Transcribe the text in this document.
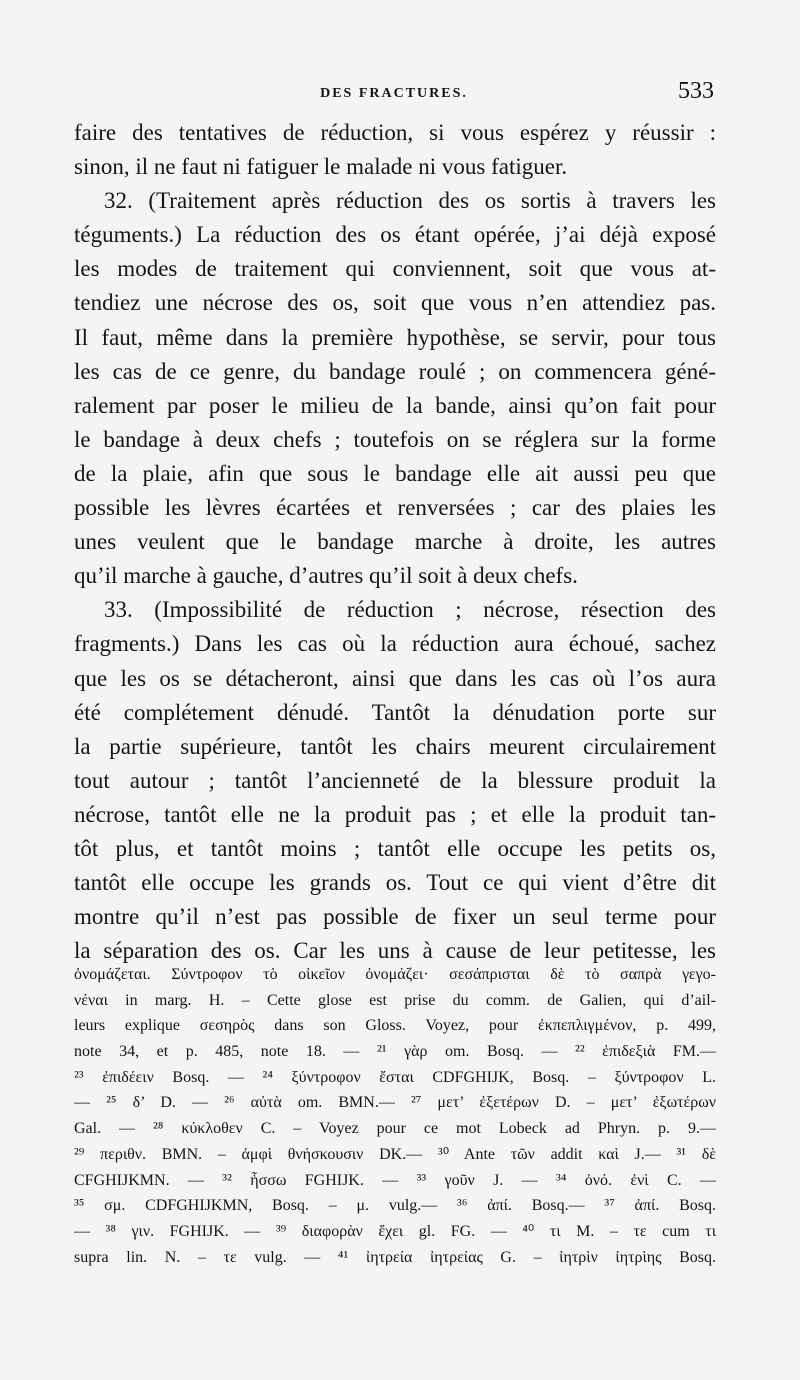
DES FRACTURES.	533
faire des tentatives de réduction, si vous espérez y réussir :
sinon, il ne faut ni fatiguer le malade ni vous fatiguer.
32. (Traitement après réduction des os sortis à travers les
téguments.) La réduction des os étant opérée, j’ai déjà exposé
les modes de traitement qui conviennent, soit que vous at-
tendiez une nécrose des os, soit que vous n’en attendiez pas.
Il faut, même dans la première hypothèse, se servir, pour tous
les cas de ce genre, du bandage roulé ; on commencera géné-
ralement par poser le milieu de la bande, ainsi qu’on fait pour
le bandage à deux chefs ; toutefois on se réglera sur la forme
de la plaie, afin que sous le bandage elle ait aussi peu que
possible les lèvres écartées et renversées ; car des plaies les
unes veulent que le bandage marche à droite, les autres
qu’il marche à gauche, d’autres qu’il soit à deux chefs.
33. (Impossibilité de réduction ; nécrose, résection des
fragments.) Dans les cas où la réduction aura échoué, sachez
que les os se détacheront, ainsi que dans les cas où l’os aura
été complétement dénudé. Tantôt la dénudation porte sur
la partie supérieure, tantôt les chairs meurent circulairement
tout autour ; tantôt l’ancienneté de la blessure produit la
nécrose, tantôt elle ne la produit pas ; et elle la produit tan-
tôt plus, et tantôt moins ; tantôt elle occupe les petits os,
tantôt elle occupe les grands os. Tout ce qui vient d’être dit
montre qu’il n’est pas possible de fixer un seul terme pour
la séparation des os. Car les uns à cause de leur petitesse, les
ὀνομάζεται. Σύντροφον τὸ οἰκεῖον ὀνομάζει· σεσάπρισται δὲ τὸ σαπρὰ γεγο-
νέναι in marg. H. – Cette glose est prise du comm. de Galien, qui d’ail-
leurs explique σεσηρὸς dans son Gloss. Voyez, pour ἐκπεπλιγμένον, p. 499,
note 34, et p. 485, note 18. — ²¹ γὰρ om. Bosq. — ²² ἐπιδεξιὰ FM.—
²³ ἐπιδέειν Bosq. — ²⁴ ξύντροφον ἔσται CDFGHIJK, Bosq. – ξύντροφον L.
— ²⁵ δ’ D. — ²⁶ αὐτὰ om. BMN.— ²⁷ μετ’ ἐξετέρων D. – μετ’ ἐξωτέρων
Gal. — ²⁸ κύκλοθεν C. – Voyez pour ce mot Lobeck ad Phryn. p. 9.—
²⁹ περιθν. BMN. – ἀμφὶ θνήσκουσιν DK.— ³⁰ Ante τῶν addit καὶ J.— ³¹ δὲ
CFGHIJKMN. — ³² ἧσσω FGHIJK. — ³³ γοῦν J. — ³⁴ ὀνό. ἐνὶ C. —
³⁵ σμ. CDFGHIJKMN, Bosq. – μ. vulg.— ³⁶ ἀπί. Bosq.— ³⁷ ἀπί. Bosq.
— ³⁸ γιν. FGHIJK. — ³⁹ διαφορὰν ἔχει gl. FG. — ⁴⁰ τι M. – τε cum τι
supra lin. N. – τε vulg. — ⁴¹ ἰητρεία ἰητρείας G. – ἰητρὶν ἰητρὶης Bosq.
